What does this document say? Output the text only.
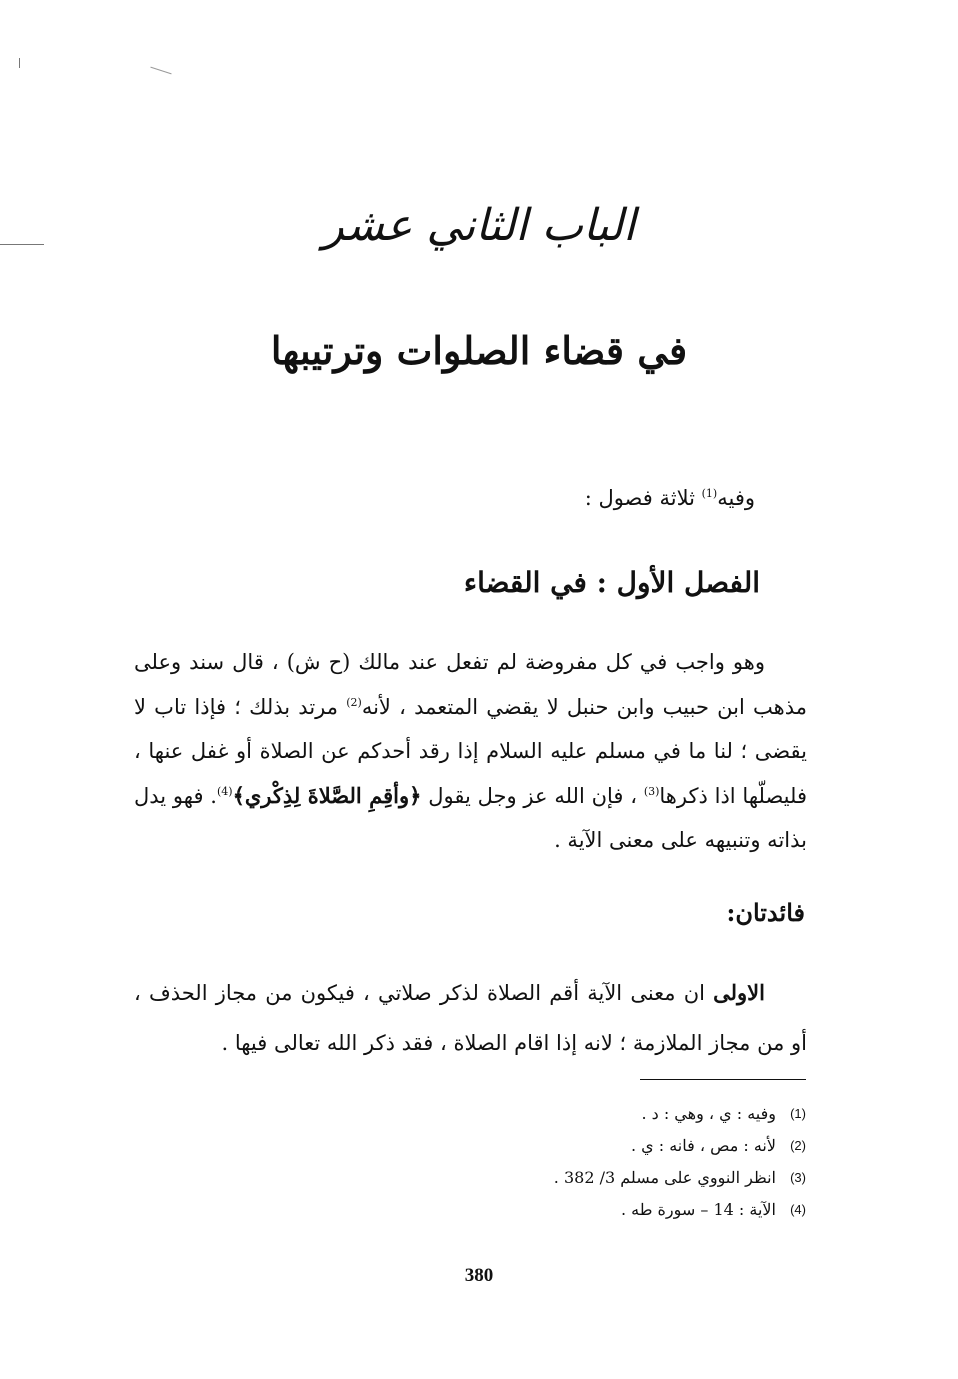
الباب الثاني عشر
في قضاء الصلوات وترتيبها
وفيه$^{(1)}$ ثلاثة فصول :
الفصل الأول : في القضاء

وهو واجب في كل مفروضة لم تفعل عند مالك (ح ش) ، قال سند وعلى مذهب ابن حبيب وابن حنبل لا يقضي المتعمد ، لأنه$^{(2)}$ مرتد بذلك ؛ فإذا تاب لا يقضى ؛ لنا ما في مسلم عليه السلام إذا رقد أحدكم عن الصلاة أو غفل عنها ، فليصلّها اذا ذكرها$^{(3)}$ ، فإن الله عز وجل يقول ﴿وأقِمِ الصَّلاةَ لِذِكْري﴾$^{(4)}$. فهو يدل بذاته وتنبيهه على معنى الآية .

فائدتان:

الاولى ان معنى الآية أقم الصلاة لذكر صلاتي ، فيكون من مجاز الحذف ، أو من مجاز الملازمة ؛ لانه إذا اقام الصلاة ، فقد ذكر الله تعالى فيها .

(1)
وفيه : ي ، وهي : د .
(2)
لأنه : مص ، فانه : ي .
(3)
انظر النووي على مسلم 3/ 382 .
(4)
الآية : 14 – سورة طه .
380
